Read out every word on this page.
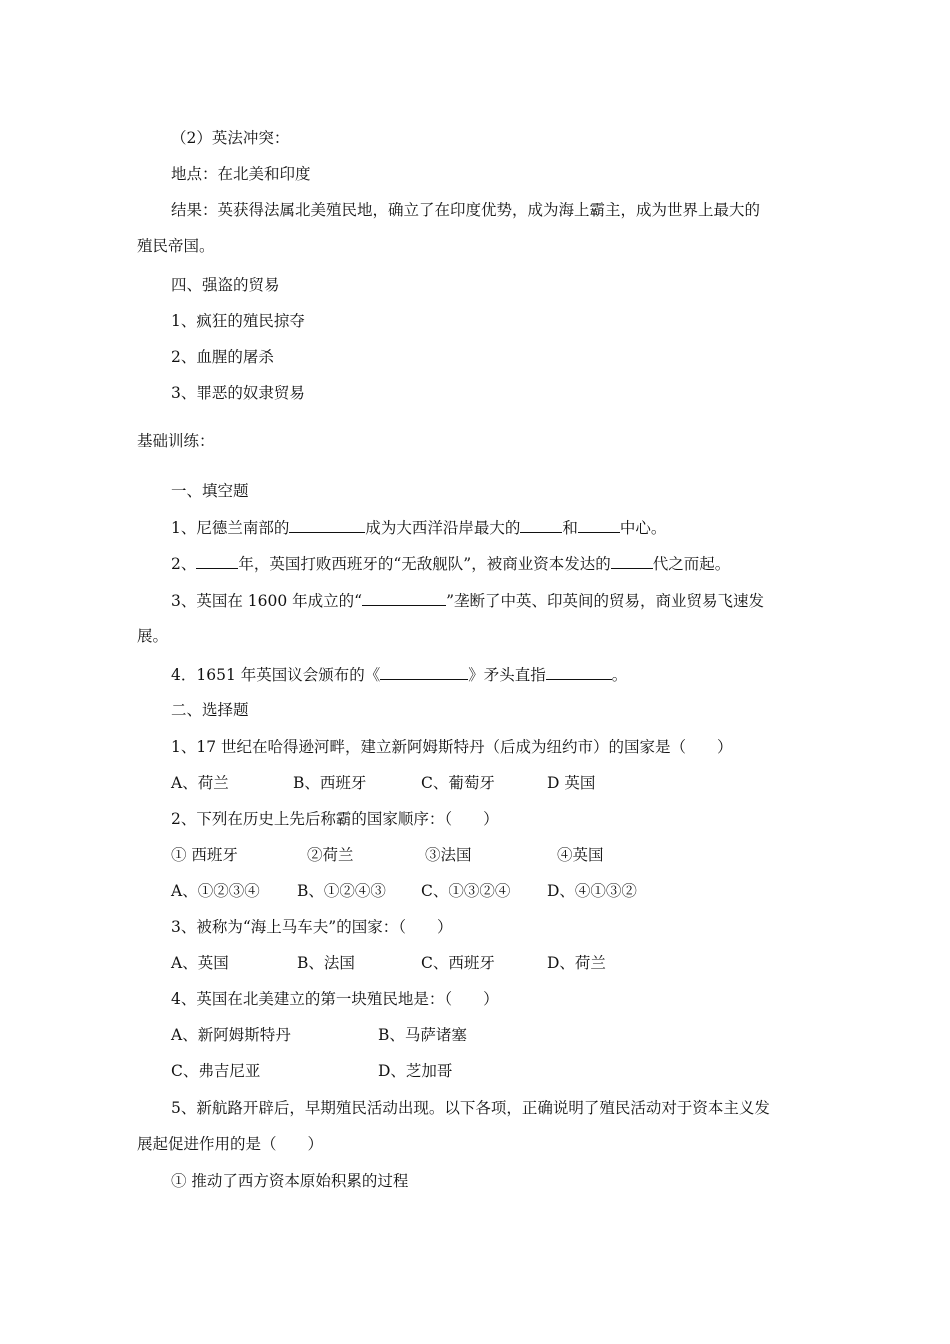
（2）英法冲突：
地点：在北美和印度
结果：英获得法属北美殖民地，确立了在印度优势，成为海上霸主，成为世界上最大的
殖民帝国。
四、强盗的贸易
1、疯狂的殖民掠夺
2、血腥的屠杀
3、罪恶的奴隶贸易
基础训练：
一、填空题
1、尼德兰南部的	成为大西洋沿岸最大的	和	中心。
2、	年，英国打败西班牙的“无敌舰队”，被商业资本发达的	代之而起。
3、英国在 1600 年成立的“	”垄断了中英、印英间的贸易，商业贸易飞速发
展。
4．1651 年英国议会颁布的《	》矛头直指	。
二、选择题
1、17 世纪在哈得逊河畔，建立新阿姆斯特丹（后成为纽约市）的国家是（　　）
A、荷兰	B、西班牙	C、葡萄牙	D 英国
2、下列在历史上先后称霸的国家顺序：（　　）
① 西班牙	②荷兰	③法国	④英国
A、①②③④ B、①②④③ C、①③②④ D、④①③②
3、被称为“海上马车夫”的国家：（　　）
A、英国	B、法国	C、西班牙	D、荷兰
4、英国在北美建立的第一块殖民地是：（　　）
A、新阿姆斯特丹	B、马萨诸塞
C、弗吉尼亚	D、芝加哥
5、新航路开辟后，早期殖民活动出现。以下各项，正确说明了殖民活动对于资本主义发
展起促进作用的是（　　）
① 推动了西方资本原始积累的过程
